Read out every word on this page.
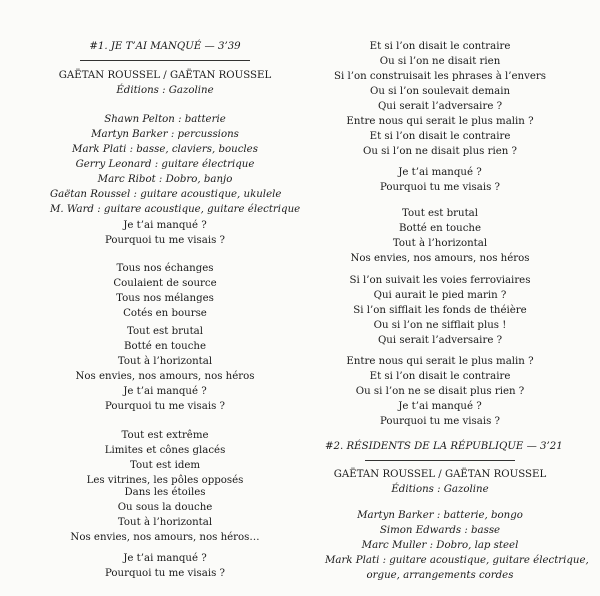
#1. JE T’AI MANQUÉ — 3’39
GAËTAN ROUSSEL / GAËTAN ROUSSEL
Éditions : Gazoline
Shawn Pelton : batterie
Martyn Barker : percussions
Mark Plati : basse, claviers, boucles
Gerry Leonard : guitare électrique
Marc Ribot : Dobro, banjo
Gaëtan Roussel : guitare acoustique, ukulele
M. Ward : guitare acoustique, guitare électrique
Je t’ai manqué ?
Pourquoi tu me visais ?
Tous nos échanges
Coulaient de source
Tous nos mélanges
Cotés en bourse
Tout est brutal
Botté en touche
Tout à l’horizontal
Nos envies, nos amours, nos héros
Je t’ai manqué ?
Pourquoi tu me visais ?
Tout est extrême
Limites et cônes glacés
Tout est idem
Les vitrines, les pôles opposés
Dans les étoiles
Ou sous la douche
Tout à l’horizontal
Nos envies, nos amours, nos héros…
Je t’ai manqué ?
Pourquoi tu me visais ?
Et si l’on disait le contraire
Ou si l’on ne disait rien
Si l’on construisait les phrases à l’envers
Ou si l’on soulevait demain
Qui serait l’adversaire ?
Entre nous qui serait le plus malin ?
Et si l’on disait le contraire
Ou si l’on ne disait plus rien ?
Je t’ai manqué ?
Pourquoi tu me visais ?
Tout est brutal
Botté en touche
Tout à l’horizontal
Nos envies, nos amours, nos héros
Si l’on suivait les voies ferroviaires
Qui aurait le pied marin ?
Si l’on sifflait les fonds de théière
Ou si l’on ne sifflait plus !
Qui serait l’adversaire ?
Entre nous qui serait le plus malin ?
Et si l’on disait le contraire
Ou si l’on ne se disait plus rien ?
Je t’ai manqué ?
Pourquoi tu me visais ?
#2. RÉSIDENTS DE LA RÉPUBLIQUE — 3’21
GAËTAN ROUSSEL / GAËTAN ROUSSEL
Éditions : Gazoline
Martyn Barker : batterie, bongo
Simon Edwards : basse
Marc Muller : Dobro, lap steel
Mark Plati : guitare acoustique, guitare électrique,
orgue, arrangements cordes
